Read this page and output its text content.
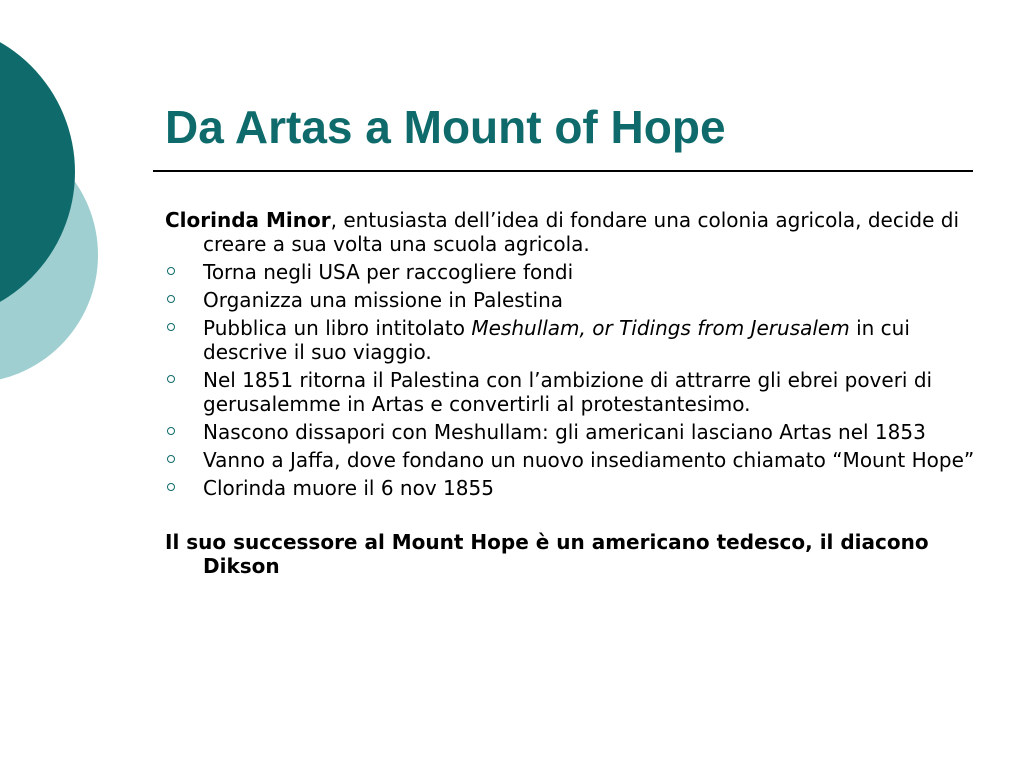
Da Artas a Mount of Hope

Clorinda Minor, entusiasta dell’idea di fondare una colonia agricola, decide di creare a sua volta una scuola agricola.

Torna negli USA per raccogliere fondi
Organizza una missione in Palestina
Pubblica un libro intitolato Meshullam, or Tidings from Jerusalem in cui descrive il suo viaggio.
Nel 1851 ritorna il Palestina con l’ambizione di attrarre gli ebrei poveri di gerusalemme in Artas e convertirli al protestantesimo.
Nascono dissapori con Meshullam: gli americani lasciano Artas nel 1853
Vanno a Jaffa, dove fondano un nuovo insediamento chiamato “Mount Hope”
Clorinda muore il 6 nov 1855

Il suo successore al Mount Hope è un americano tedesco, il diacono Dikson
